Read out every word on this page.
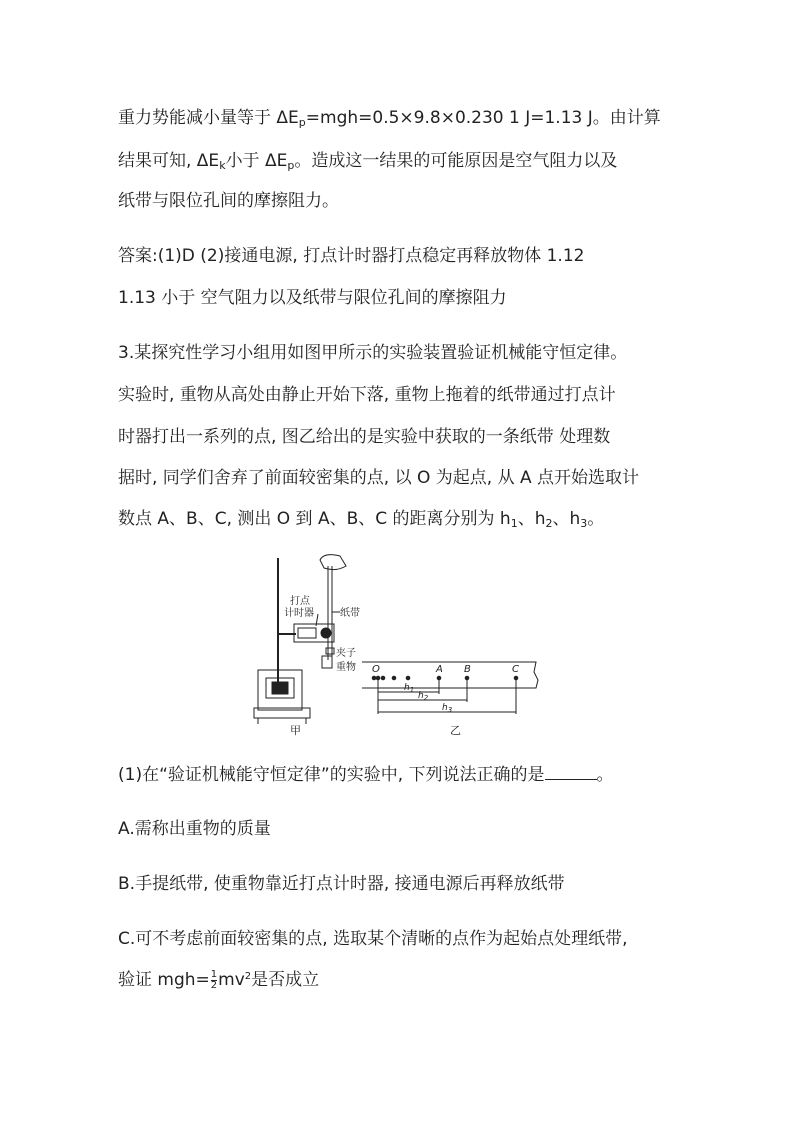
重力势能减小量等于 $\Delta E_p=mgh=0.5\times 9.8\times 0.230$ 1 J=1.13 J。由计算
结果可知, $\Delta E_k$小于 $\Delta E_p$。造成这一结果的可能原因是空气阻力以及
纸带与限位孔间的摩擦阻力。
答案:(1)D (2)接通电源, 打点计时器打点稳定再释放物体 1.12
1.13 小于 空气阻力以及纸带与限位孔间的摩擦阻力
3.某探究性学习小组用如图甲所示的实验装置验证机械能守恒定律。
实验时, 重物从高处由静止开始下落, 重物上拖着的纸带通过打点计
时器打出一系列的点, 图乙给出的是实验中获取的一条纸带 处理数
据时, 同学们舍弃了前面较密集的点, 以 O 为起点, 从 A 点开始选取计
数点 A、B、C, 测出 O 到 A、B、C 的距离分别为 $h_1$、$h_2$、$h_3$。
打点
计时器	纸带
夹子
重物
甲
O	A B	C
$h_1$
$h_2$
$h_3$
乙
(1)在“验证机械能守恒定律”的实验中, 下列说法正确的是	。
A.需称出重物的质量
B.手提纸带, 使重物靠近打点计时器, 接通电源后再释放纸带
C.可不考虑前面较密集的点, 选取某个清晰的点作为起始点处理纸带,
验证 $mgh= \frac{1}{2} mv^2$是否成立
